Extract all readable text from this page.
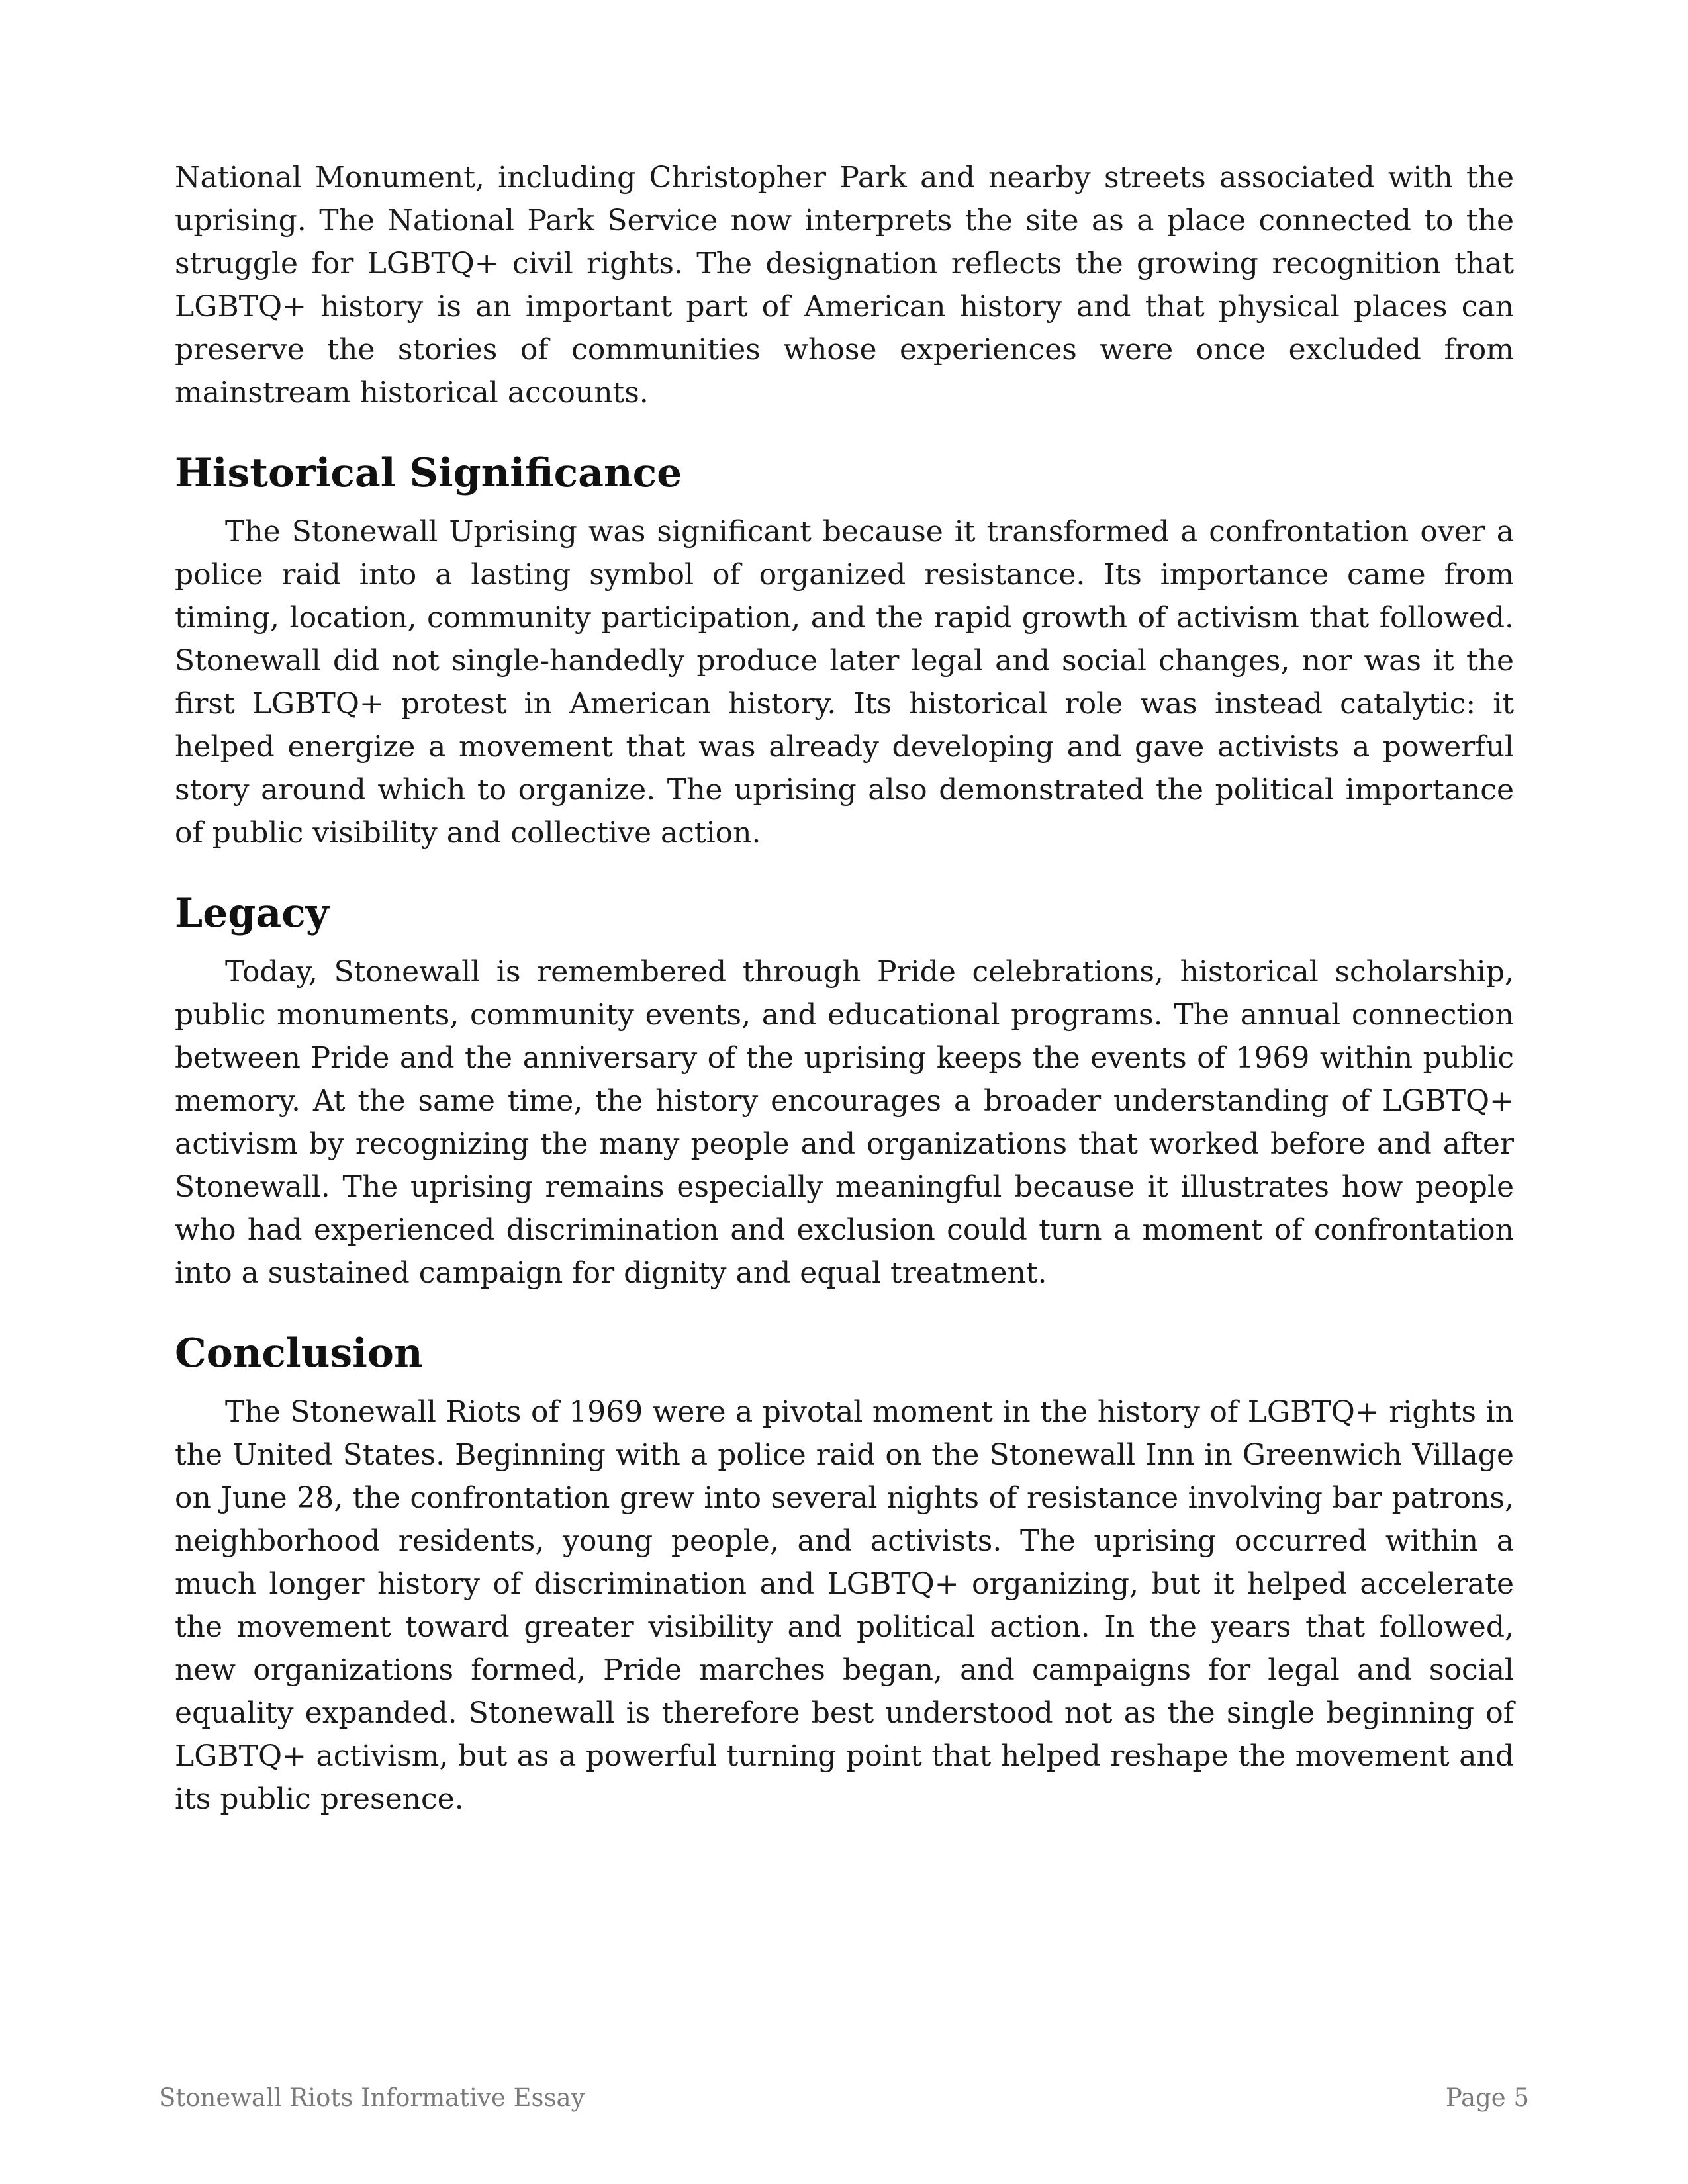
National Monument, including Christopher Park and nearby streets associated with the uprising. The National Park Service now interprets the site as a place connected to the struggle for LGBTQ+ civil rights. The designation reflects the growing recognition that LGBTQ+ history is an important part of American history and that physical places can preserve the stories of communities whose experiences were once excluded from mainstream historical accounts.

Historical Significance

The Stonewall Uprising was significant because it transformed a confrontation over a police raid into a lasting symbol of organized resistance. Its importance came from timing, location, community participation, and the rapid growth of activism that followed. Stonewall did not single-handedly produce later legal and social changes, nor was it the first LGBTQ+ protest in American history. Its historical role was instead catalytic: it helped energize a movement that was already developing and gave activists a powerful story around which to organize. The uprising also demonstrated the political importance of public visibility and collective action.

Legacy

Today, Stonewall is remembered through Pride celebrations, historical scholarship, public monuments, community events, and educational programs. The annual connection between Pride and the anniversary of the uprising keeps the events of 1969 within public memory. At the same time, the history encourages a broader understanding of LGBTQ+ activism by recognizing the many people and organizations that worked before and after Stonewall. The uprising remains especially meaningful because it illustrates how people who had experienced discrimination and exclusion could turn a moment of confrontation into a sustained campaign for dignity and equal treatment.

Conclusion

The Stonewall Riots of 1969 were a pivotal moment in the history of LGBTQ+ rights in the United States. Beginning with a police raid on the Stonewall Inn in Greenwich Village on June 28, the confrontation grew into several nights of resistance involving bar patrons, neighborhood residents, young people, and activists. The uprising occurred within a much longer history of discrimination and LGBTQ+ organizing, but it helped accelerate the movement toward greater visibility and political action. In the years that followed, new organizations formed, Pride marches began, and campaigns for legal and social equality expanded. Stonewall is therefore best understood not as the single beginning of LGBTQ+ activism, but as a powerful turning point that helped reshape the movement and its public presence.

Stonewall Riots Informative Essay	Page 5
